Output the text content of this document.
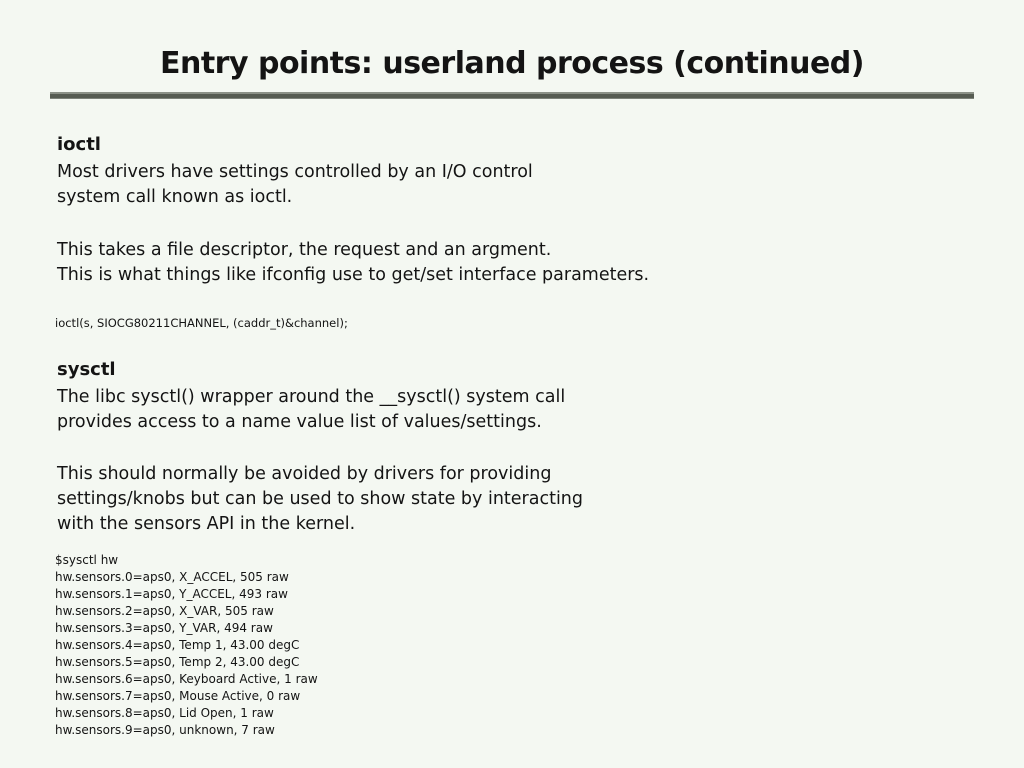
Entry points: userland process (continued)
ioctl
Most drivers have settings controlled by an I/O control
system call known as ioctl.
This takes a file descriptor, the request and an argment.
This is what things like ifconfig use to get/set interface parameters.
ioctl(s, SIOCG80211CHANNEL, (caddr_t)&channel);
sysctl
The libc sysctl() wrapper around the __sysctl() system call
provides access to a name value list of values/settings.
This should normally be avoided by drivers for providing
settings/knobs but can be used to show state by interacting
with the sensors API in the kernel.
$sysctl hw
hw.sensors.0=aps0, X_ACCEL, 505 raw
hw.sensors.1=aps0, Y_ACCEL, 493 raw
hw.sensors.2=aps0, X_VAR, 505 raw
hw.sensors.3=aps0, Y_VAR, 494 raw
hw.sensors.4=aps0, Temp 1, 43.00 degC
hw.sensors.5=aps0, Temp 2, 43.00 degC
hw.sensors.6=aps0, Keyboard Active, 1 raw
hw.sensors.7=aps0, Mouse Active, 0 raw
hw.sensors.8=aps0, Lid Open, 1 raw
hw.sensors.9=aps0, unknown, 7 raw
